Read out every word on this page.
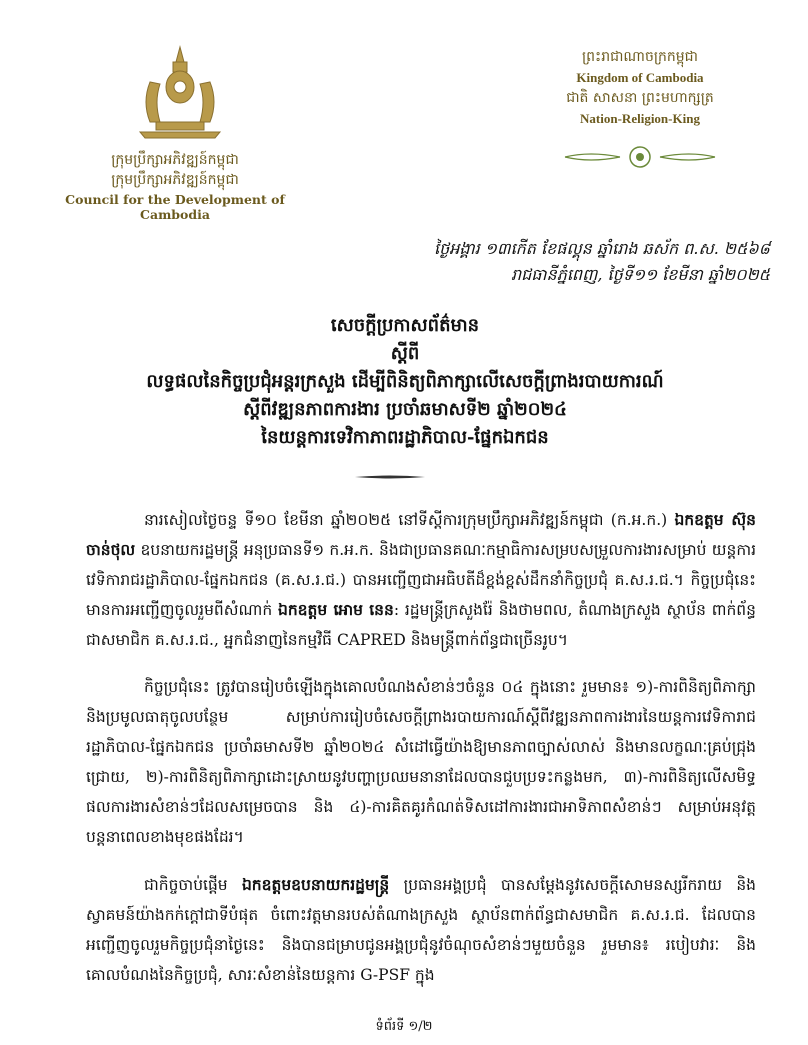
ក្រុមប្រឹក្សាអភិវឌ្ឍន៍កម្ពុជា
ក្រុមប្រឹក្សាអភិវឌ្ឍន៍កម្ពុជា
Council for the Development of Cambodia
ព្រះរាជាណាចក្រកម្ពុជា
Kingdom of Cambodia
ជាតិ សាសនា ព្រះមហាក្សត្រ
Nation-Religion-King
ថ្ងៃអង្គារ ១៣កើត ខែផល្គុន ឆ្នាំរោង ឆស័ក ព.ស. ២៥៦៨
រាជធានីភ្នំពេញ, ថ្ងៃទី១១ ខែមីនា ឆ្នាំ២០២៥
សេចក្តីប្រកាសព័ត៌មាន
ស្តីពី
លទ្ធផលនៃកិច្ចប្រជុំអន្តរក្រសួង ដើម្បីពិនិត្យពិភាក្សាលើសេចក្តីព្រាងរបាយការណ៍
ស្តីពីវឌ្ឍនភាពការងារ ប្រចាំឆមាសទី២ ឆ្នាំ២០២៤
នៃយន្តការទេវិកាភាពរដ្ឋាភិបាល-ផ្នែកឯកជន
នារសៀលថ្ងៃចន្ទ ទី១០ ខែមីនា ឆ្នាំ២០២៥ នៅទីស្តីការក្រុមប្រឹក្សាអភិវឌ្ឍន៍កម្ពុជា (ក.អ.ក.) ឯកឧត្តម ស៊ុន ចាន់ថុល ឧបនាយករដ្ឋមន្ត្រី អនុប្រធានទី១ ក.អ.ក. និងជាប្រធានគណៈកម្មាធិការសម្របសម្រួលការងារសម្រាប់ យន្តការវេទិការាជរដ្ឋាភិបាល-ផ្នែកឯកជន (គ.ស.រ.ជ.) បានអញ្ជើញជាអធិបតីដ៏ខ្ពង់ខ្ពស់ដឹកនាំកិច្ចប្រជុំ គ.ស.រ.ជ.។ កិច្ចប្រជុំនេះមានការអញ្ជើញចូលរួមពីសំណាក់ ឯកឧត្តម អោម នេន: រដ្ឋមន្ត្រីក្រសួងរ៉ែ និងថាមពល, តំណាងក្រសួង ស្ថាប័ន ពាក់ព័ន្ធជាសមាជិក គ.ស.រ.ជ., អ្នកជំនាញនៃកម្មវិធី CAPRED និងមន្ត្រីពាក់ព័ន្ធជាច្រើនរូប។
កិច្ចប្រជុំនេះ ត្រូវបានរៀបចំឡើងក្នុងគោលបំណងសំខាន់ៗចំនួន ០៤ ក្នុងនោះ រួមមាន៖ ១)-ការពិនិត្យពិភាក្សា និងប្រមូលធាតុចូលបន្ថែម សម្រាប់ការរៀបចំសេចក្តីព្រាងរបាយការណ៍ស្តីពីវឌ្ឍនភាពការងារនៃយន្តការវេទិការាជរដ្ឋាភិបាល-ផ្នែកឯកជន ប្រចាំឆមាសទី២ ឆ្នាំ២០២៤ សំដៅធ្វើយ៉ាងឱ្យមានភាពច្បាស់លាស់ និងមានលក្ខណៈគ្រប់ជ្រុងជ្រោយ, ២)-ការពិនិត្យពិភាក្សាដោះស្រាយនូវបញ្ហាប្រឈមនានាដែលបានជួបប្រទះកន្លងមក, ៣)-ការពិនិត្យលើសមិទ្ធផលការងារសំខាន់ៗដែលសម្រេចបាន និង ៤)-ការគិតគូរកំណត់ទិសដៅការងារជាអាទិភាពសំខាន់ៗ សម្រាប់អនុវត្តបន្តនាពេលខាងមុខផងដែរ។
ជាកិច្ចចាប់ផ្តើម ឯកឧត្តមឧបនាយករដ្ឋមន្ត្រី ប្រធានអង្គប្រជុំ បានសម្តែងនូវសេចក្តីសោមនស្សរីករាយ និងស្វាគមន៍យ៉ាងកក់ក្តៅជាទីបំផុត ចំពោះវត្តមានរបស់តំណាងក្រសួង ស្ថាប័នពាក់ព័ន្ធជាសមាជិក គ.ស.រ.ជ. ដែលបានអញ្ជើញចូលរួមកិច្ចប្រជុំនាថ្ងៃនេះ និងបានជម្រាបជូនអង្គប្រជុំនូវចំណុចសំខាន់ៗមួយចំនួន រួមមាន៖ របៀបវារៈ និងគោលបំណងនៃកិច្ចប្រជុំ, សារៈសំខាន់នៃយន្តការ G-PSF ក្នុង
ទំព័រទី ១/២
